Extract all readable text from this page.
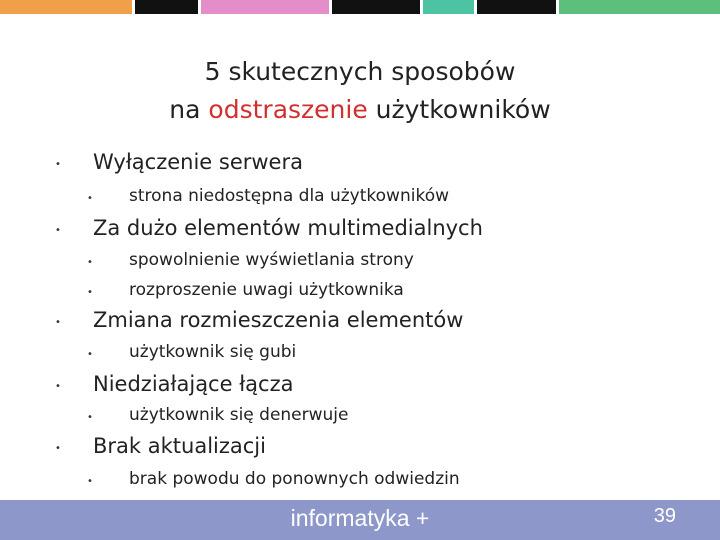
5 skutecznych sposobów
na odstraszenie użytkowników
• Wyłączenie serwera
• strona niedostępna dla użytkowników
• Za dużo elementów multimedialnych
• spowolnienie wyświetlania strony
• rozproszenie uwagi użytkownika
• Zmiana rozmieszczenia elementów
• użytkownik się gubi
• Niedziałające łącza
• użytkownik się denerwuje
• Brak aktualizacji
• brak powodu do ponownych odwiedzin
informatyka +	39
